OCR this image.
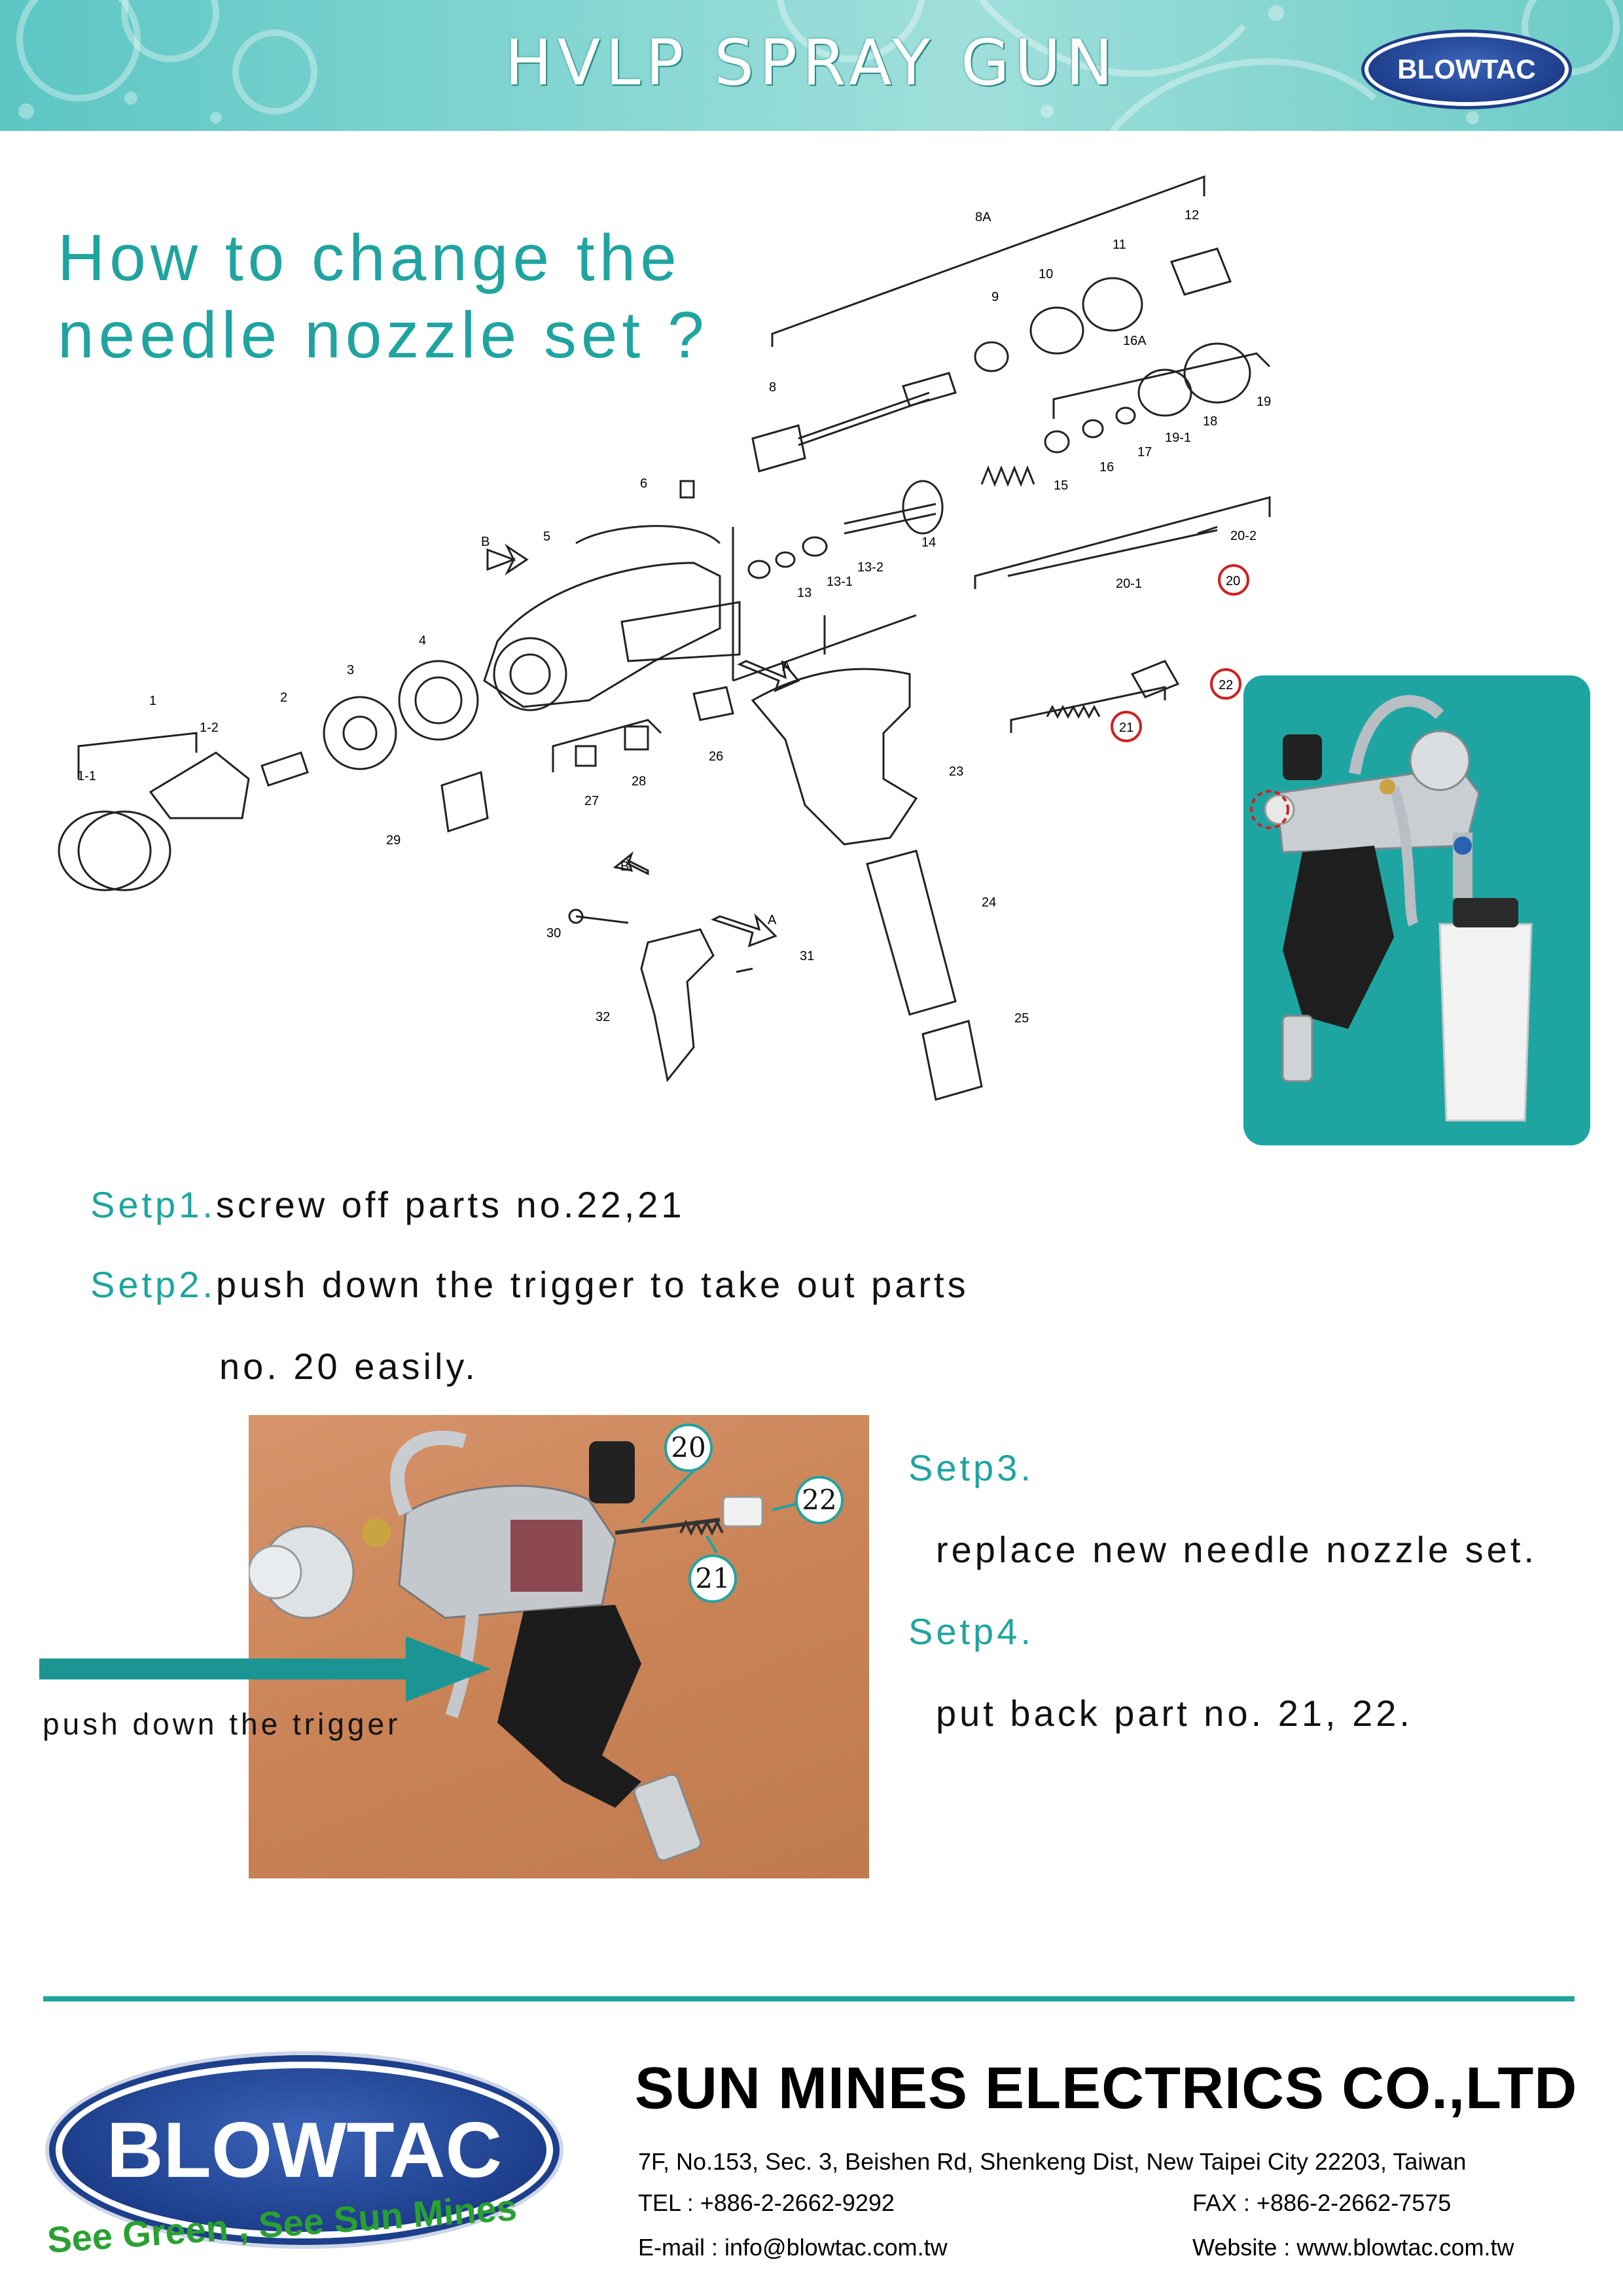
HVLP SPRAY GUN	BLOWTAC
How to change the
needle nozzle set ?
8A	12
11
10
9
16A
8
19
18
19-1
17
16
15
6
14
5
B
13-2
13-1
13
20-2
20
20-1
4
3	A
2
1
1-2
1-1
26
23
22
21
27
28
29
B
A
24
30
31
32	25
Setp1.screw off parts no.22,21
Setp2.push down the trigger to take out parts
no. 20 easily.
20
22
21
push down the trigger
Setp3.
replace new needle nozzle set.
Setp4.
put back part no. 21, 22.
BLOWTAC
See Green , See Sun Mines
SUN MINES ELECTRICS CO.,LTD
7F, No.153, Sec. 3, Beishen Rd, Shenkeng Dist, New Taipei City 22203, Taiwan
TEL : +886-2-2662-9292	FAX : +886-2-2662-7575
E-mail : info@blowtac.com.tw	Website : www.blowtac.com.tw
